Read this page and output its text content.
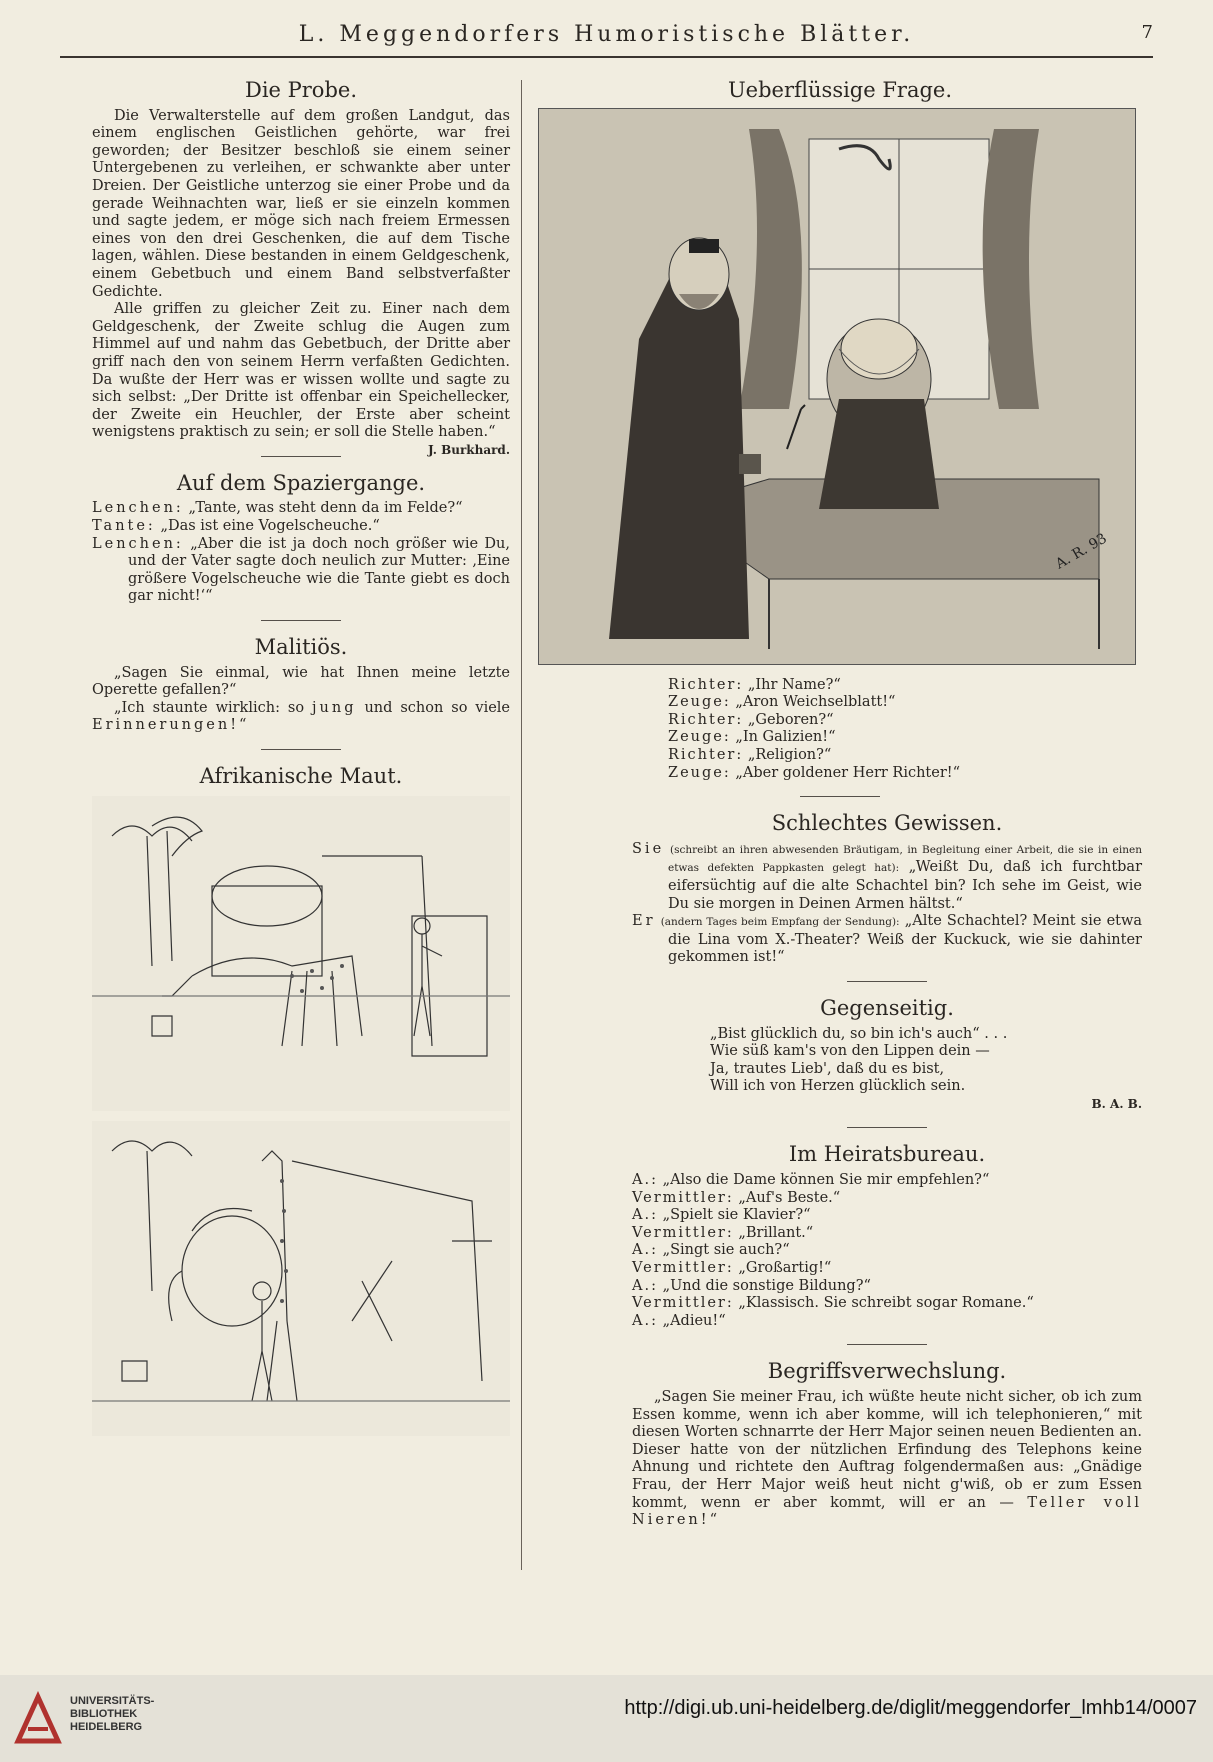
L. Meggendorfers Humoristische Blätter.	7
Die Probe.

Die Verwalterstelle auf dem großen Landgut, das einem englischen Geistlichen gehörte, war frei geworden; der Besitzer beschloß sie einem seiner Untergebenen zu verleihen, er schwankte aber unter Dreien. Der Geistliche unterzog sie einer Probe und da gerade Weihnachten war, ließ er sie einzeln kommen und sagte jedem, er möge sich nach freiem Ermessen eines von den drei Geschenken, die auf dem Tische lagen, wählen. Diese bestanden in einem Geldgeschenk, einem Gebetbuch und einem Band selbstverfaßter Gedichte.

Alle griffen zu gleicher Zeit zu. Einer nach dem Geldgeschenk, der Zweite schlug die Augen zum Himmel auf und nahm das Gebetbuch, der Dritte aber griff nach den von seinem Herrn verfaßten Gedichten. Da wußte der Herr was er wissen wollte und sagte zu sich selbst: „Der Dritte ist offenbar ein Speichellecker, der Zweite ein Heuchler, der Erste aber scheint wenigstens praktisch zu sein; er soll die Stelle haben.“
J. Burkhard.

Auf dem Spaziergange.

Lenchen: „Tante, was steht denn da im Felde?“

Tante: „Das ist eine Vogelscheuche.“

Lenchen: „Aber die ist ja doch noch größer wie Du, und der Vater sagte doch neulich zur Mutter: ‚Eine größere Vogelscheuche wie die Tante giebt es doch gar nicht!‘“

Malitiös.

„Sagen Sie einmal, wie hat Ihnen meine letzte Operette gefallen?“

„Ich staunte wirklich: so jung und schon so viele Erinnerungen!“

Afrikanische Maut.
Ueberflüssige Frage.
A. R. 93

Richter: „Ihr Name?“

Zeuge: „Aron Weichselblatt!“

Richter: „Geboren?“

Zeuge: „In Galizien!“

Richter: „Religion?“

Zeuge: „Aber goldener Herr Richter!“

Schlechtes Gewissen.

Sie (schreibt an ihren abwesenden Bräutigam, in Begleitung einer Arbeit, die sie in einen etwas defekten Pappkasten gelegt hat): „Weißt Du, daß ich furchtbar eifersüchtig auf die alte Schachtel bin? Ich sehe im Geist, wie Du sie morgen in Deinen Armen hältst.“

Er (andern Tages beim Empfang der Sendung): „Alte Schachtel? Meint sie etwa die Lina vom X.-Theater? Weiß der Kuckuck, wie sie dahinter gekommen ist!“

Gegenseitig.

„Bist glücklich du, so bin ich's auch“ . . .

Wie süß kam's von den Lippen dein —

Ja, trautes Lieb', daß du es bist,

Will ich von Herzen glücklich sein.

B. A. B.

Im Heiratsbureau.

A.: „Also die Dame können Sie mir empfehlen?“

Vermittler: „Auf's Beste.“

A.: „Spielt sie Klavier?“

Vermittler: „Brillant.“

A.: „Singt sie auch?“

Vermittler: „Großartig!“

A.: „Und die sonstige Bildung?“

Vermittler: „Klassisch. Sie schreibt sogar Romane.“

A.: „Adieu!“

Begriffsverwechslung.

„Sagen Sie meiner Frau, ich wüßte heute nicht sicher, ob ich zum Essen komme, wenn ich aber komme, will ich telephonieren,“ mit diesen Worten schnarrte der Herr Major seinen neuen Bedienten an. Dieser hatte von der nützlichen Erfindung des Telephons keine Ahnung und richtete den Auftrag folgendermaßen aus: „Gnädige Frau, der Herr Major weiß heut nicht g'wiß, ob er zum Essen kommt, wenn er aber kommt, will er an — Teller voll Nieren!“

UNIVERSITÄTS-
BIBLIOTHEK
HEIDELBERG
http://digi.ub.uni-heidelberg.de/diglit/meggendorfer_lmhb14/0007
